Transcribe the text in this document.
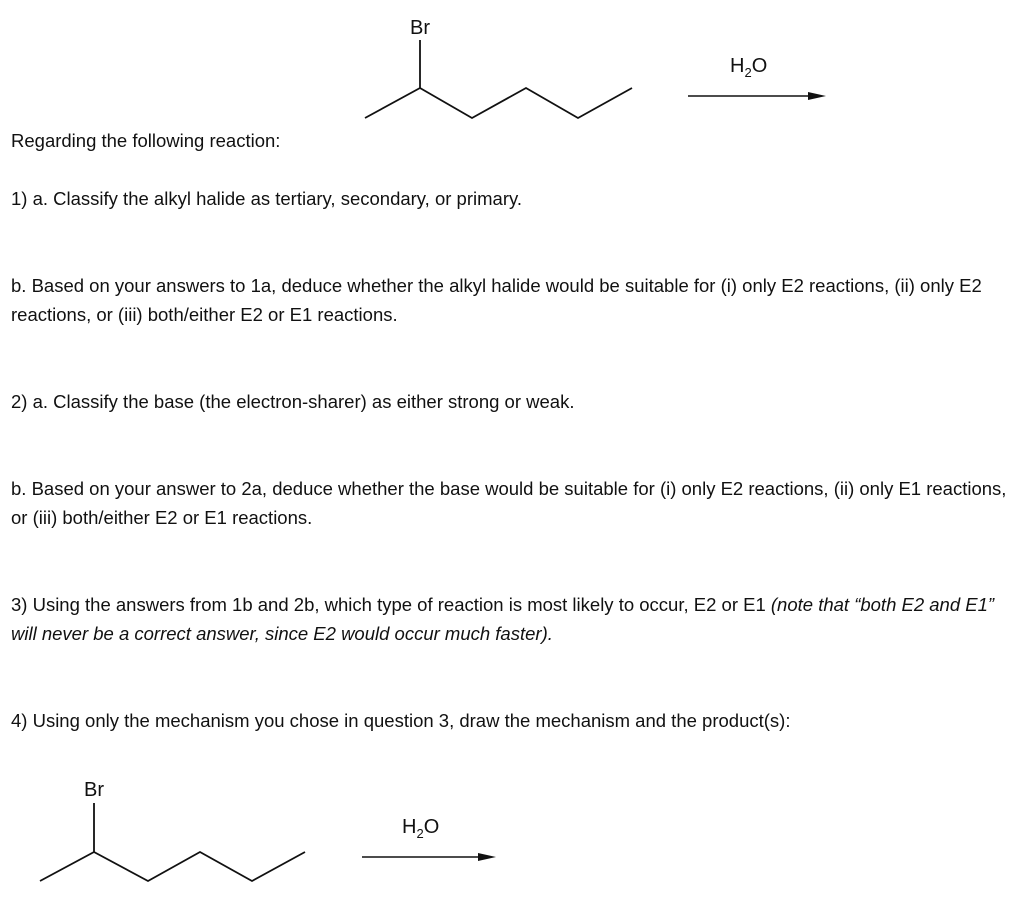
Br
$H_2O$

Regarding the following reaction:

1) a. Classify the alkyl halide as tertiary, secondary, or primary.

b. Based on your answers to 1a, deduce whether the alkyl halide would be suitable for (i) only E2 reactions, (ii) only E2 reactions, or (iii) both/either E2 or E1 reactions.

2) a. Classify the base (the electron-sharer) as either strong or weak.

b. Based on your answer to 2a, deduce whether the base would be suitable for (i) only E2 reactions, (ii) only E1 reactions, or (iii) both/either E2 or E1 reactions.

3) Using the answers from 1b and 2b, which type of reaction is most likely to occur, E2 or E1 (note that “both E2 and E1” will never be a correct answer, since E2 would occur much faster).

4) Using only the mechanism you chose in question 3, draw the mechanism and the product(s):

Br
$H_2O$
